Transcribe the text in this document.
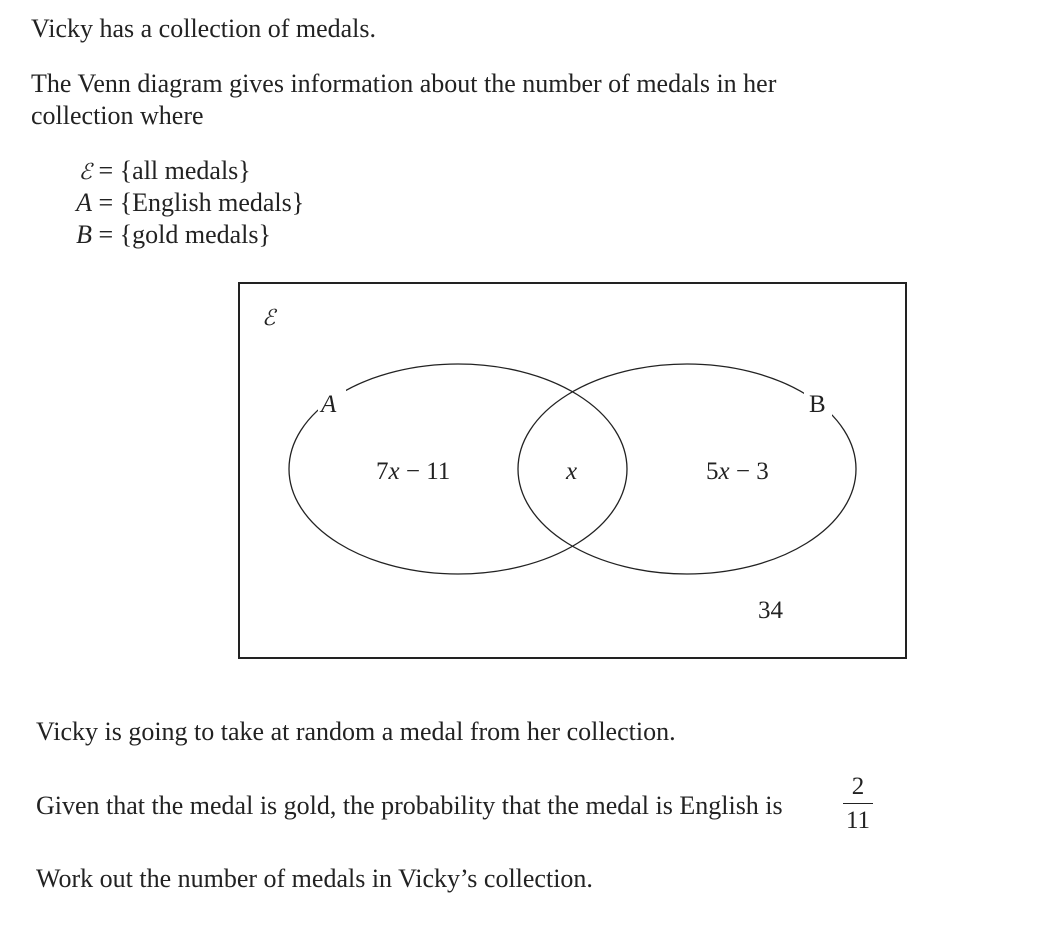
Vicky has a collection of medals.
The Venn diagram gives information about the number of medals in her
collection where
ℰ = {all medals}
A = {English medals}
B = {gold medals}
ℰ
A	B
7x − 11	x	5x − 3
34
Vicky is going to take at random a medal from her collection.
Given that the medal is gold, the probability that the medal is English is
2
11
Work out the number of medals in Vicky’s collection.
